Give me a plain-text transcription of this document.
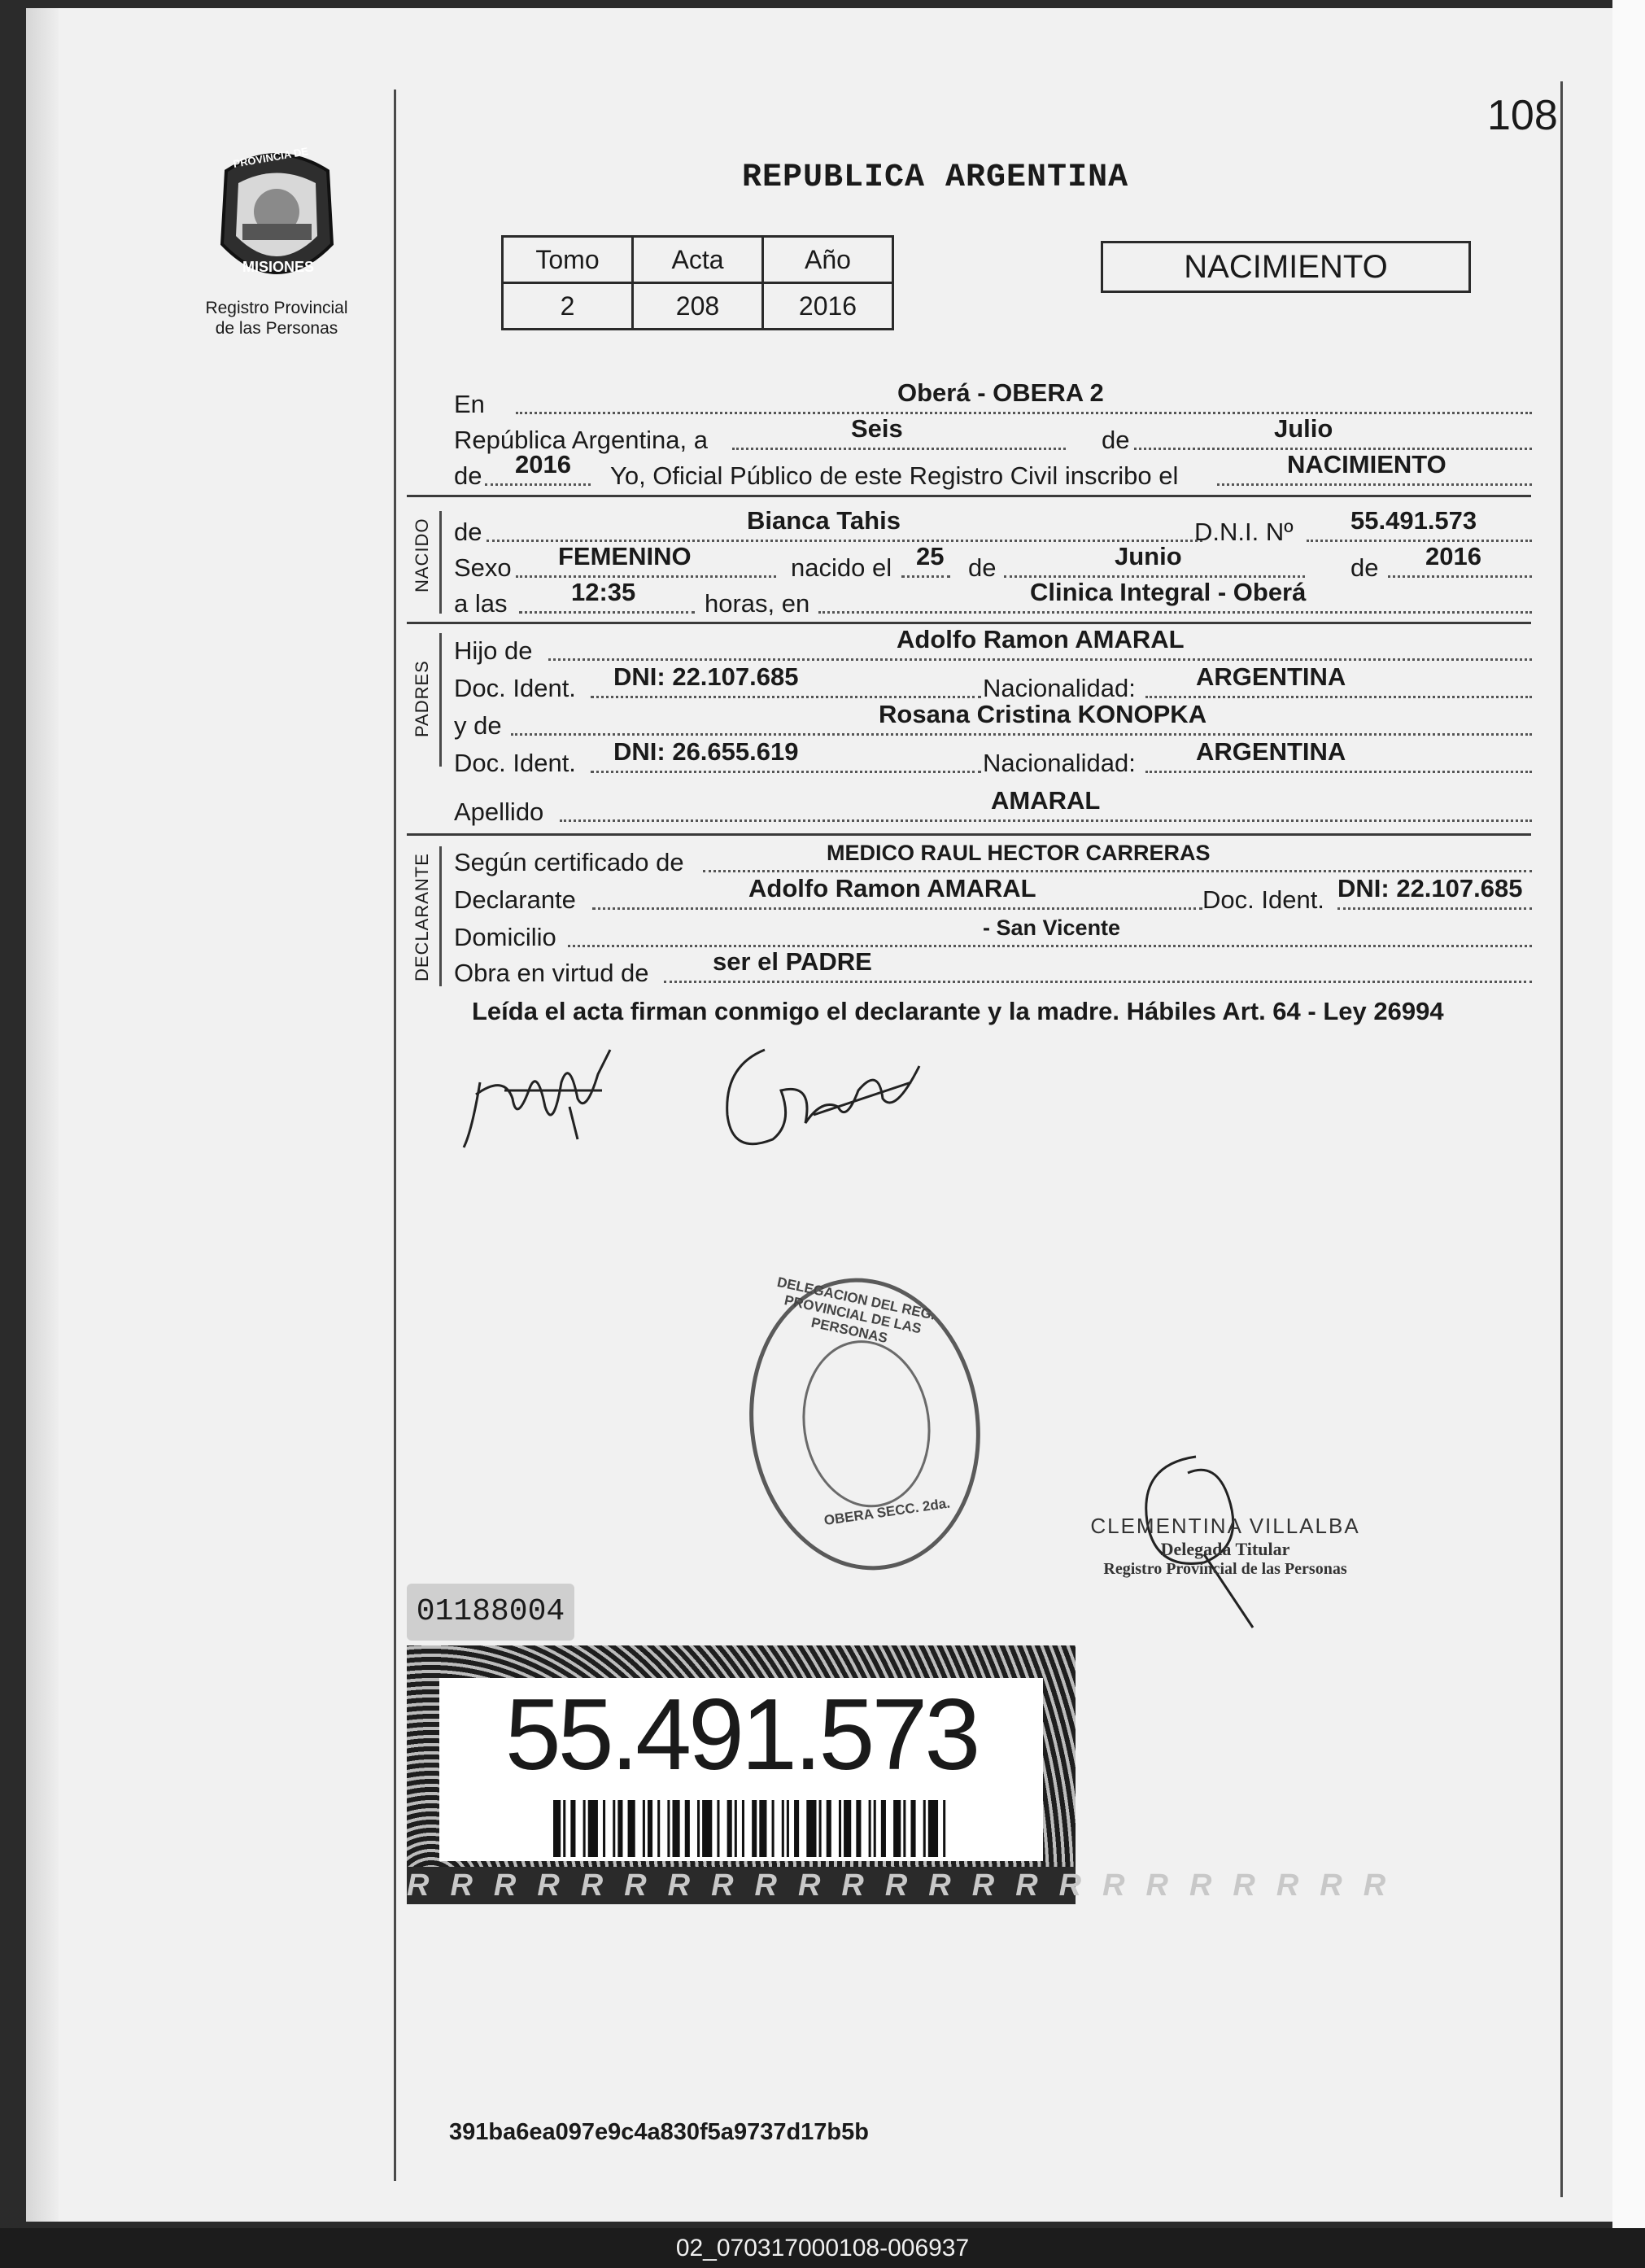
108
PROVINCIA DE
MISIONES
Registro Provincial
de las Personas
REPUBLICA ARGENTINA
Tomo	Acta	Año
2	208	2016
NACIMIENTO
En	Oberá - OBERA 2
República Argentina, a	Seis	de	Julio
de 2016 Yo, Oficial Público de este Registro Civil inscribo el	NACIMIENTO
NACIDO de	Bianca Tahis	D.N.I. Nº 55.491.573
Sexo FEMENINO	nacido el 25 de	Junio	de 2016
a las	12:35	horas, en	Clinica Integral - Oberá
PADRES
Hijo de	Adolfo Ramon AMARAL
Doc. Ident. DNI: 22.107.685	Nacionalidad: ARGENTINA
y de	Rosana Cristina KONOPKA
Doc. Ident. DNI: 26.655.619	Nacionalidad: ARGENTINA
Apellido	AMARAL
DECLARANTE Según certificado de	MEDICO RAUL HECTOR CARRERAS
Declarante	Adolfo Ramon AMARAL	Doc. Ident. DNI: 22.107.685
Domicilio	- San Vicente
Obra en virtud de	ser el PADRE
Leída el acta firman conmigo el declarante y la madre. Hábiles Art. 64 - Ley 26994
DELEGACION DEL REG. PROVINCIAL DE LAS PERSONAS
OBERA SECC. 2da.	CLEMENTINA VILLALBA
Delegada Titular
Registro Provincial de las Personas
01188004
55.491.573
RRRRRRRRRRRRRRRRRRRRRRR
391ba6ea097e9c4a830f5a9737d17b5b
02_070317000108-006937
